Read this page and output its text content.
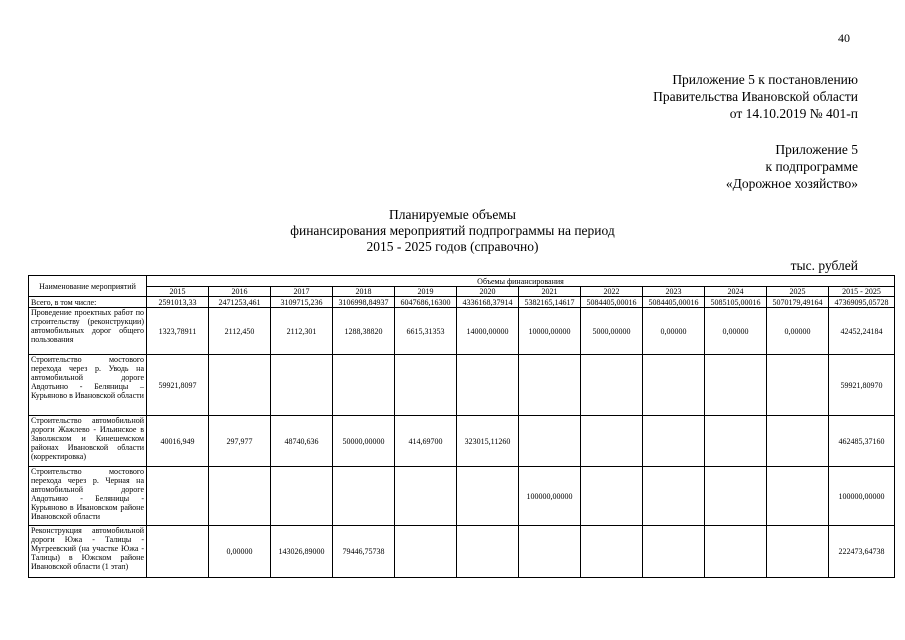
40
Приложение 5 к постановлению
Правительства Ивановской области
от 14.10.2019 № 401-п
Приложение 5
к подпрограмме
«Дорожное хозяйство»
Планируемые объемы
финансирования мероприятий подпрограммы на период
2015 - 2025 годов (справочно)
тыс. рублей
Наименование мероприятий	Объемы финансирования											
	2015	2016	2017	2018	2019	2020	2021	2022	2023	2024	2025	2015 - 2025
Всего, в том числе:	2591013,33	2471253,461	3109715,236	3106998,84937	6047686,16300	4336168,37914	5382165,14617	5084405,00016	5084405,00016	5085105,00016	5070179,49164	47369095,05728
Проведение проектных работ по строительству (реконструкции) автомобильных дорог общего пользования	1323,78911	2112,450	2112,301	1288,38820	6615,31353	14000,00000	10000,00000	5000,00000	0,00000	0,00000	0,00000	42452,24184
Строительство мостового перехода через р. Уводь на автомобильной дороге Авдотьино - Беляницы – Курьяново в Ивановской области	59921,8097											59921,80970
Строительство автомобильной дороги Жажлево - Ильинское в Заволжском и Кинешемском районах Ивановской области (корректировка)	40016,949	297,977	48740,636	50000,00000	414,69700	323015,11260						462485,37160
Строительство мостового перехода через р. Черная на автомобильной дороге Авдотьино - Беляницы - Курьяново в Ивановском районе Ивановской области							100000,00000					100000,00000
Реконструкция автомобильной дороги Южа - Талицы - Мугреевский (на участке Южа - Талицы) в Южском районе Ивановской области (1 этап)		0,00000	143026,89000	79446,75738								222473,64738
